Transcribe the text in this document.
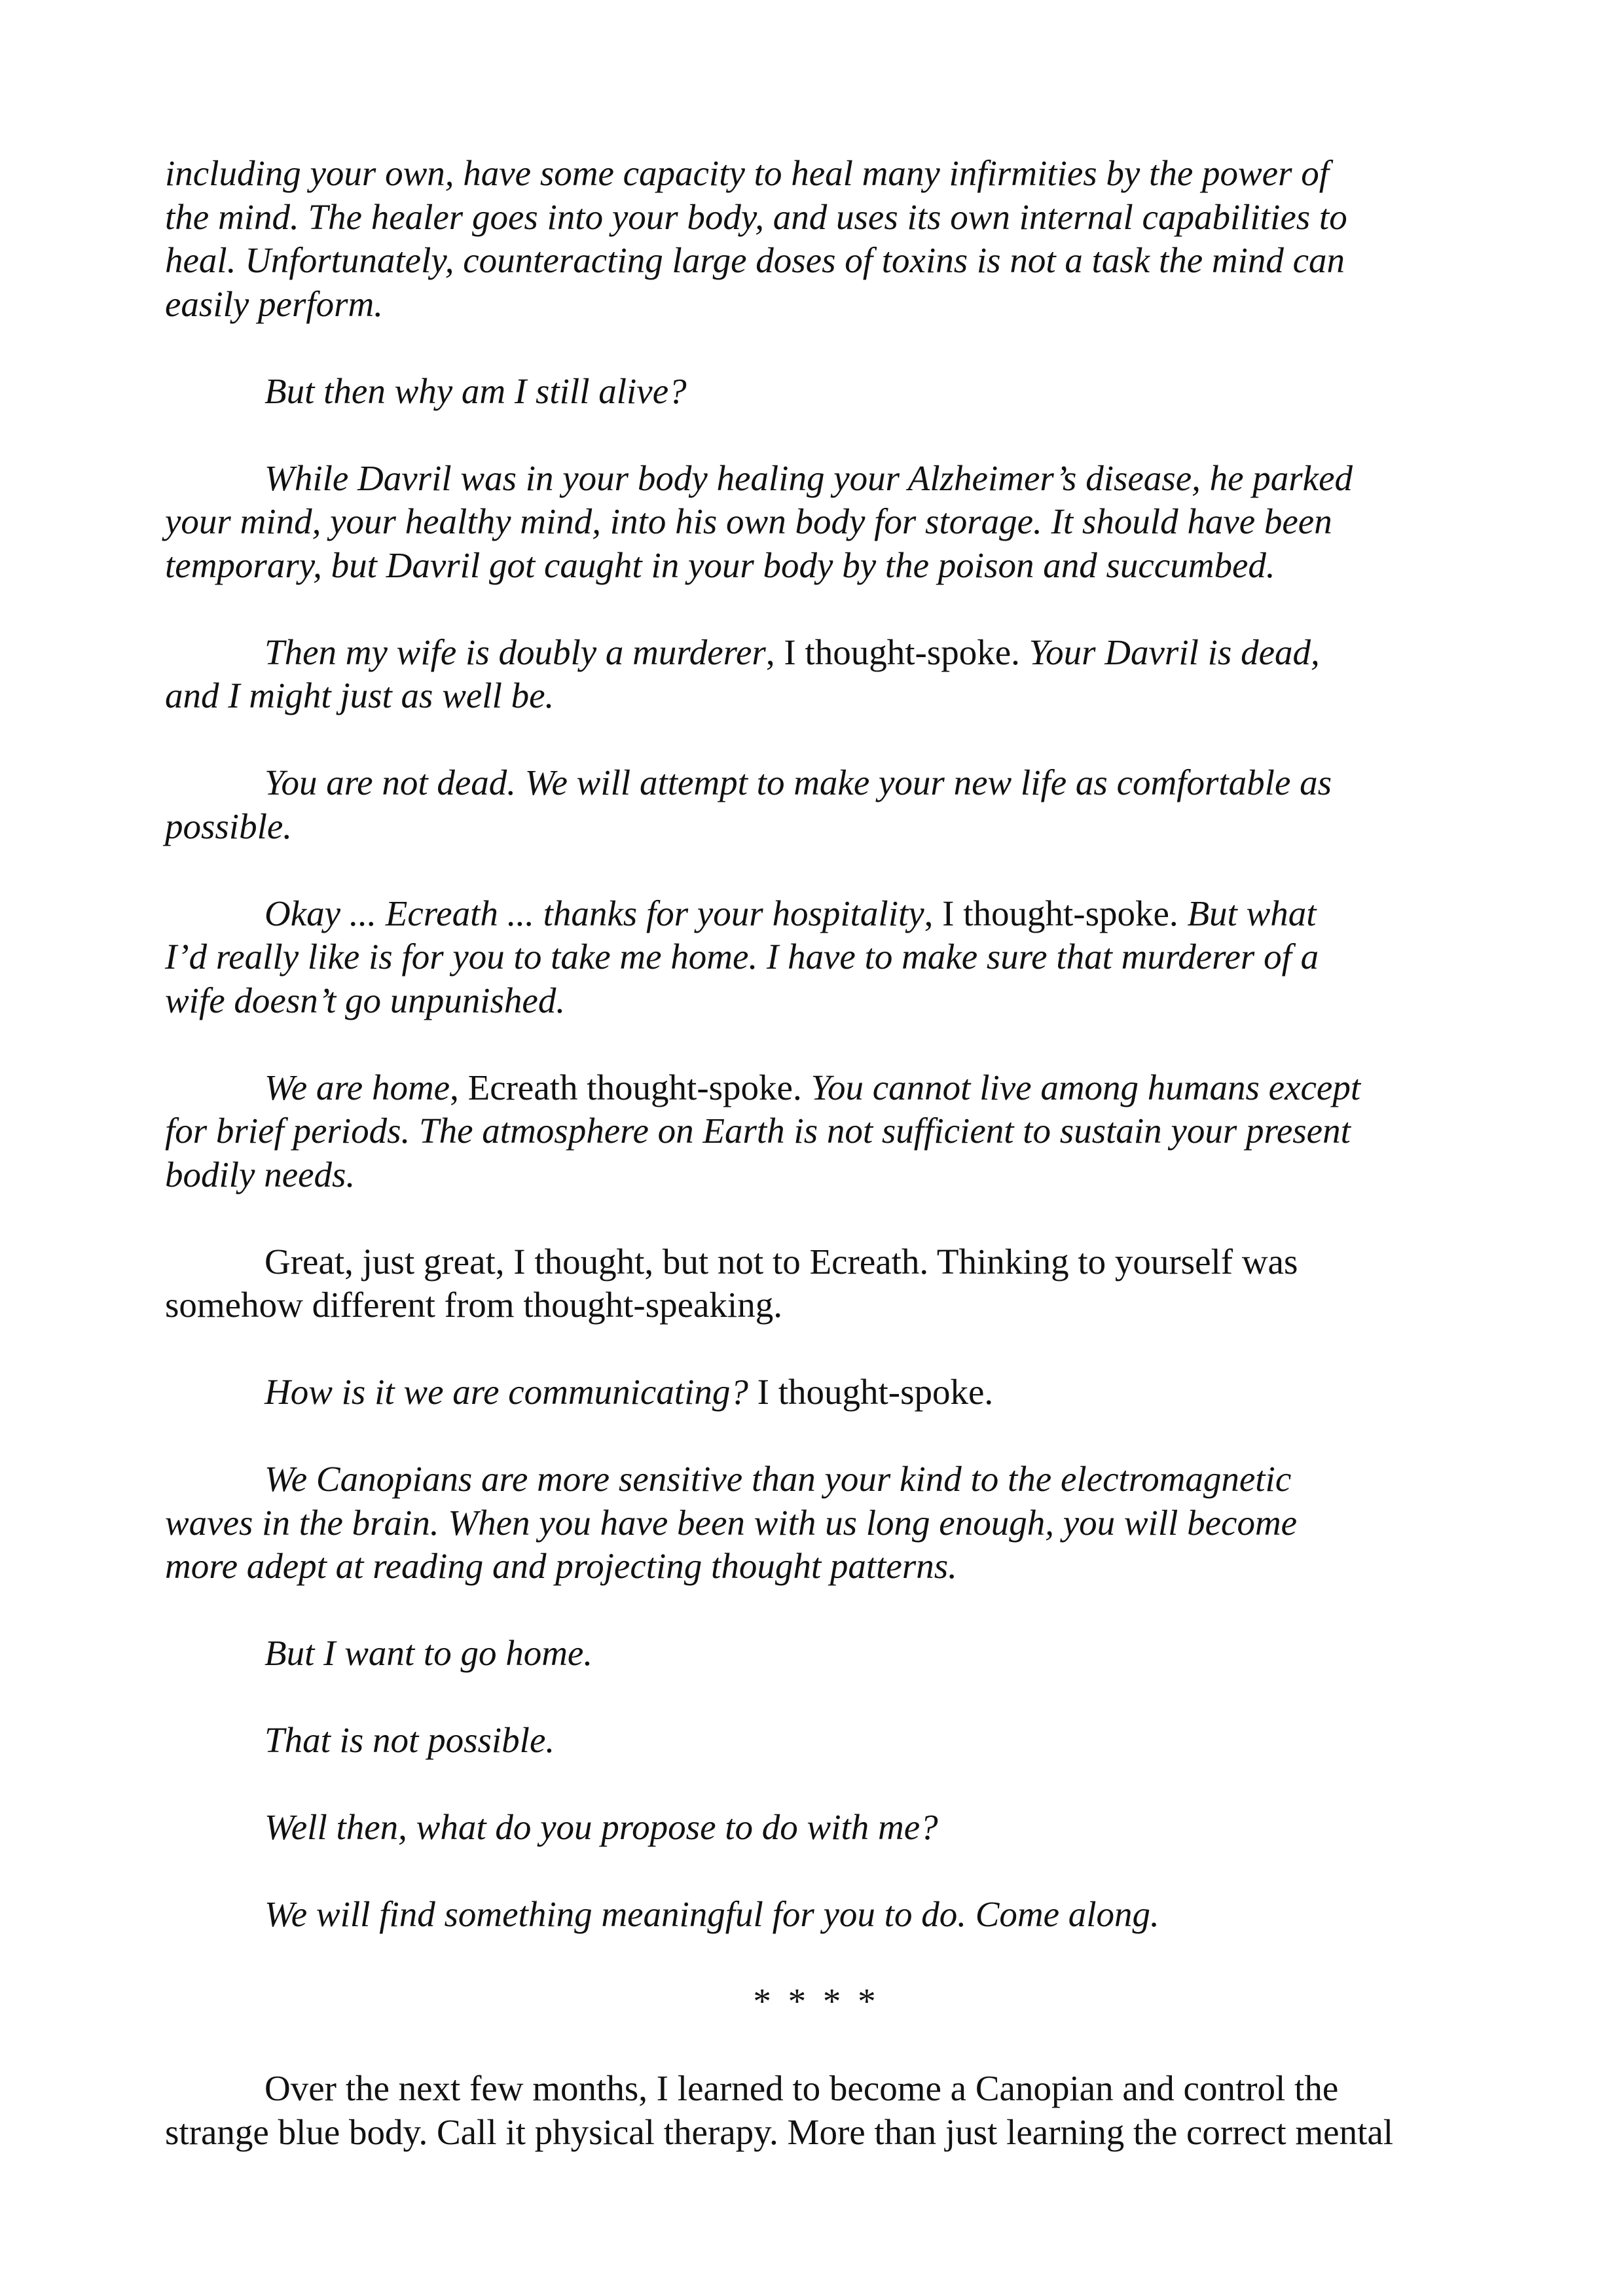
including your own, have some capacity to heal many infirmities by the power of
the mind. The healer goes into your body, and uses its own internal capabilities to
heal. Unfortunately, counteracting large doses of toxins is not a task the mind can
easily perform.
But then why am I still alive?
While Davril was in your body healing your Alzheimer’s disease, he parked
your mind, your healthy mind, into his own body for storage. It should have been
temporary, but Davril got caught in your body by the poison and succumbed.
Then my wife is doubly a murderer, I thought-spoke. Your Davril is dead,
and I might just as well be.
You are not dead. We will attempt to make your new life as comfortable as
possible.
Okay ... Ecreath ... thanks for your hospitality, I thought-spoke. But what
I’d really like is for you to take me home. I have to make sure that murderer of a
wife doesn’t go unpunished.
We are home, Ecreath thought-spoke. You cannot live among humans except
for brief periods. The atmosphere on Earth is not sufficient to sustain your present
bodily needs.
Great, just great, I thought, but not to Ecreath. Thinking to yourself was
somehow different from thought-speaking.
How is it we are communicating? I thought-spoke.
We Canopians are more sensitive than your kind to the electromagnetic
waves in the brain. When you have been with us long enough, you will become
more adept at reading and projecting thought patterns.
But I want to go home.
That is not possible.
Well then, what do you propose to do with me?
We will find something meaningful for you to do. Come along.
* * * *
Over the next few months, I learned to become a Canopian and control the
strange blue body. Call it physical therapy. More than just learning the correct mental
